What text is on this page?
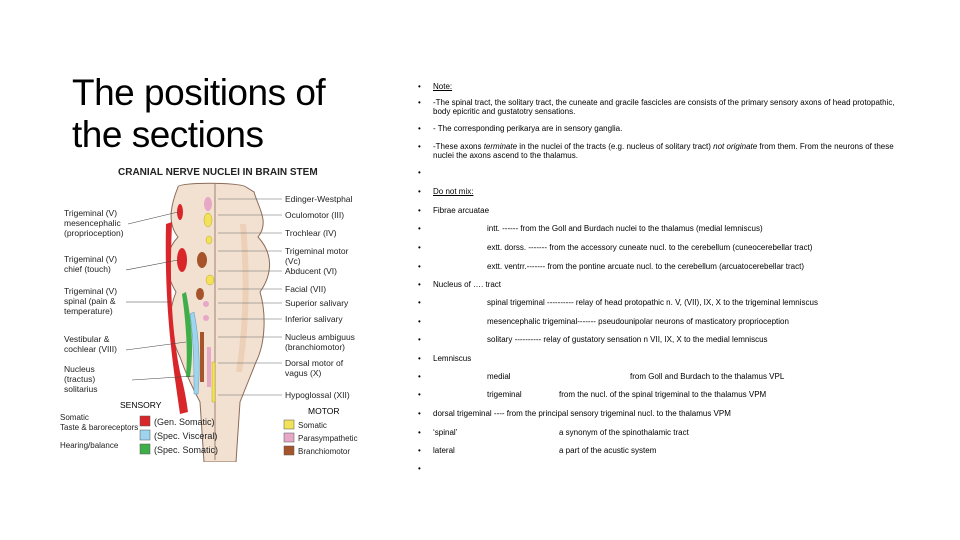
The positions of the sections
CRANIAL NERVE NUCLEI IN BRAIN STEM
Trigeminal (V) mesencephalic (proprioception)
Trigeminal (V) chief (touch)
Trigeminal (V) spinal (pain & temperature)
Vestibular & cochlear (VIII)
Nucleus (tractus) solitarius
Edinger-Westphal
Oculomotor (III)
Trochlear (IV)
Trigeminal motor (Vc)
Abducent (VI)
Facial (VII)
Superior salivary
Inferior salivary
Nucleus ambiguus (branchiomotor)
Dorsal motor of vagus (X)
Hypoglossal (XII)
SENSORY
MOTOR
Somatic
Taste & baroreceptors
Hearing/balance
(Gen. Somatic)
(Spec. Visceral)
(Spec. Somatic)
Somatic
Parasympathetic
Branchiomotor
• Note:
• -The spinal tract, the solitary tract, the cuneate and gracile fascicles are consists of the primary sensory axons of head protopathic, body epicritic and gustatotry sensations.
• - The corresponding perikarya are in sensory ganglia.
• -These axons terminate in the nuclei of the tracts (e.g. nucleus of solitary tract) not originate from them. From the neurons of these nuclei the axons ascend to the thalamus.
•
• Do not mix:
• Fibrae arcuatae
•	intt. ------ from the Goll and Burdach nuclei to the thalamus (medial lemniscus)
•	extt. dorss. ------- from the accessory cuneate nucl. to the cerebellum (cuneocerebellar tract)
•	extt. ventrr.------- from the pontine arcuate nucl. to the cerebellum (arcuatocerebellar tract)
• Nucleus of …. tract
•	spinal trigeminal ---------- relay of head protopathic n. V, (VII), IX, X to the trigeminal lemniscus
•	mesencephalic trigeminal------- pseudounipolar neurons of masticatory proprioception
•	solitary ---------- relay of gustatory sensation n VII, IX, X to the medial lemniscus
• Lemniscus
•	medial	from Goll and Burdach to the thalamus VPL
•	trigeminal	from the nucl. of the spinal trigeminal to the thalamus VPM
• dorsal trigeminal ---- from the principal sensory trigeminal nucl. to the thalamus VPM
• ‘spinal’	a synonym of the spinothalamic tract
• lateral	a part of the acustic system
•
